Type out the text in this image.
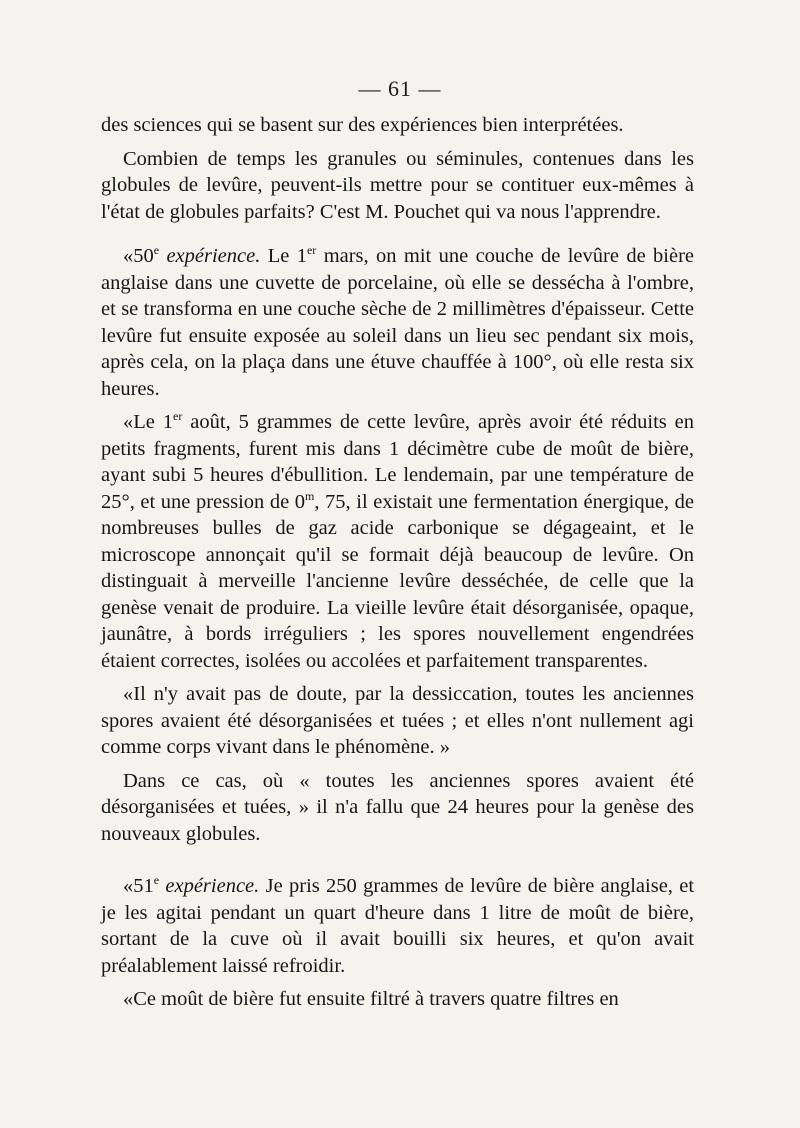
— 61 —

des sciences qui se basent sur des expériences bien interprétées.

Combien de temps les granules ou séminules, contenues dans les globules de levûre, peuvent-ils mettre pour se contituer eux-mêmes à l'état de globules parfaits? C'est M. Pouchet qui va nous l'apprendre.

«50e expérience. Le 1er mars, on mit une couche de levûre de bière anglaise dans une cuvette de porcelaine, où elle se dessécha à l'ombre, et se transforma en une couche sèche de 2 millimètres d'épaisseur. Cette levûre fut ensuite exposée au soleil dans un lieu sec pendant six mois, après cela, on la plaça dans une étuve chauffée à 100°, où elle resta six heures.

«Le 1er août, 5 grammes de cette levûre, après avoir été réduits en petits fragments, furent mis dans 1 décimètre cube de moût de bière, ayant subi 5 heures d'ébullition. Le lendemain, par une température de 25°, et une pression de 0$^m$, 75, il existait une fermentation énergique, de nombreuses bulles de gaz acide carbonique se dégageaint, et le microscope annonçait qu'il se formait déjà beaucoup de levûre. On distinguait à merveille l'ancienne levûre desséchée, de celle que la genèse venait de produire. La vieille levûre était désorganisée, opaque, jaunâtre, à bords irréguliers ; les spores nouvellement engendrées étaient correctes, isolées ou accolées et parfaitement transparentes.

«Il n'y avait pas de doute, par la dessiccation, toutes les anciennes spores avaient été désorganisées et tuées ; et elles n'ont nullement agi comme corps vivant dans le phénomène. »

Dans ce cas, où « toutes les anciennes spores avaient été désorganisées et tuées, » il n'a fallu que 24 heures pour la genèse des nouveaux globules.

«51e expérience. Je pris 250 grammes de levûre de bière anglaise, et je les agitai pendant un quart d'heure dans 1 litre de moût de bière, sortant de la cuve où il avait bouilli six heures, et qu'on avait préalablement laissé refroidir.

«Ce moût de bière fut ensuite filtré à travers quatre filtres en
